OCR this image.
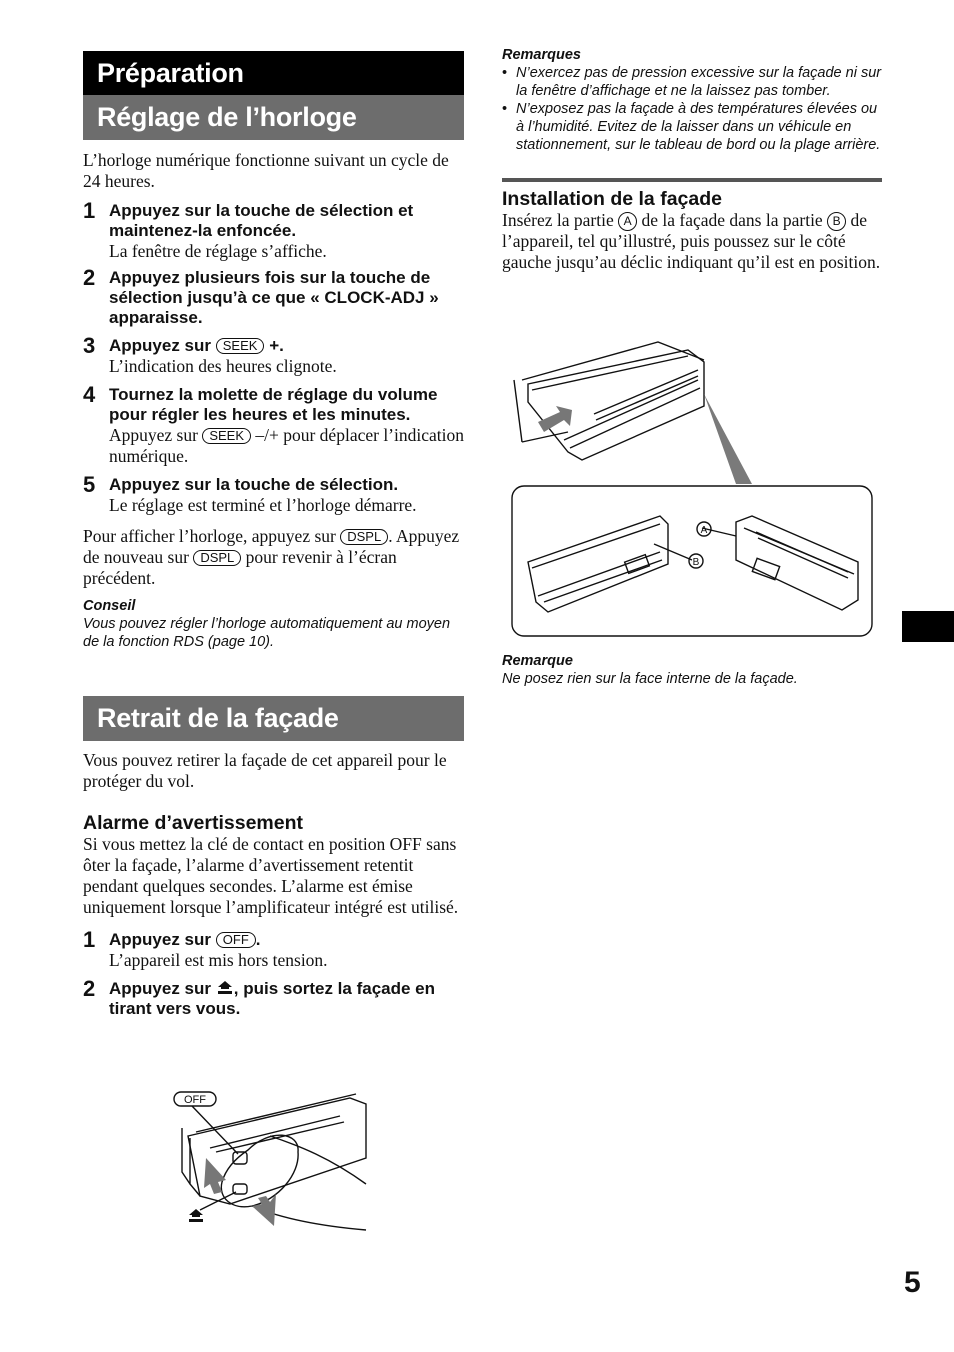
Préparation
Réglage de l’horloge

L’horloge numérique fonctionne suivant un cycle de 24 heures.

1 Appuyez sur la touche de sélection et maintenez-la enfoncée.
La fenêtre de réglage s’affiche.
2 Appuyez plusieurs fois sur la touche de sélection jusqu’à ce que « CLOCK-ADJ » apparaisse.
3 Appuyez sur SEEK +.
L’indication des heures clignote.
4 Tournez la molette de réglage du volume pour régler les heures et les minutes.
Appuyez sur SEEK –/+ pour déplacer l’indication numérique.
5 Appuyez sur la touche de sélection.
Le réglage est terminé et l’horloge démarre.

Pour afficher l’horloge, appuyez sur DSPL . Appuyez de nouveau sur DSPL pour revenir à l’écran précédent.

Conseil
Vous pouvez régler l’horloge automatiquement au moyen de la fonction RDS (page 10).
Retrait de la façade

Vous pouvez retirer la façade de cet appareil pour le protéger du vol.

Alarme d’avertissement

Si vous mettez la clé de contact en position OFF sans ôter la façade, l’alarme d’avertissement retentit pendant quelques secondes. L’alarme est émise uniquement lorsque l’amplificateur intégré est utilisé.

1 Appuyez sur OFF .
L’appareil est mis hors tension.
2 Appuyez sur , puis sortez la façade en tirant vers vous.
OFF
Remarques
• N’exercez pas de pression excessive sur la façade ni sur la fenêtre d’affichage et ne la laissez pas tomber.
• N’exposez pas la façade à des températures élevées ou à l’humidité. Evitez de la laisser dans un véhicule en stationnement, sur le tableau de bord ou la plage arrière.
Installation de la façade

Insérez la partie A de la façade dans la partie B de l’appareil, tel qu’illustré, puis poussez sur le côté gauche jusqu’au déclic indiquant qu’il est en position.

A
B
Remarque
Ne posez rien sur la face interne de la façade.
5
